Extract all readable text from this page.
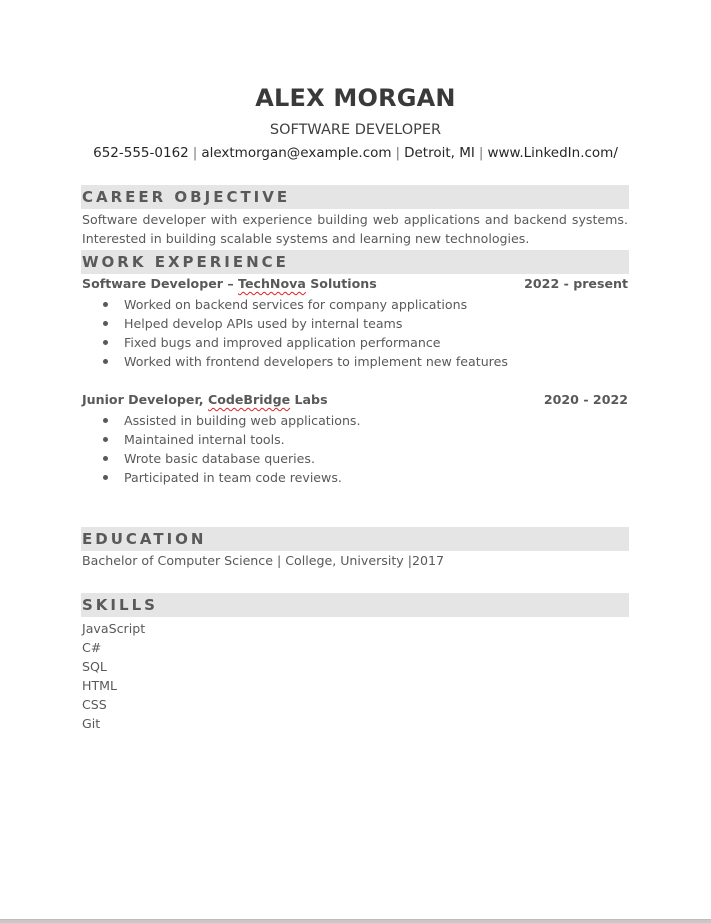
ALEX MORGAN
SOFTWARE DEVELOPER
652-555-0162 | alextmorgan@example.com | Detroit, MI | www.LinkedIn.com/
CAREER OBJECTIVE
Software developer with experience building web applications and backend systems.
Interested in building scalable systems and learning new technologies.
WORK EXPERIENCE
Software Developer – TechNova Solutions	2022 - present
Worked on backend services for company applications
Helped develop APIs used by internal teams
Fixed bugs and improved application performance
Worked with frontend developers to implement new features
Junior Developer, CodeBridge Labs	2020 - 2022
Assisted in building web applications.
Maintained internal tools.
Wrote basic database queries.
Participated in team code reviews.
EDUCATION
Bachelor of Computer Science | College, University |2017
SKILLS
JavaScript
C#
SQL
HTML
CSS
Git
